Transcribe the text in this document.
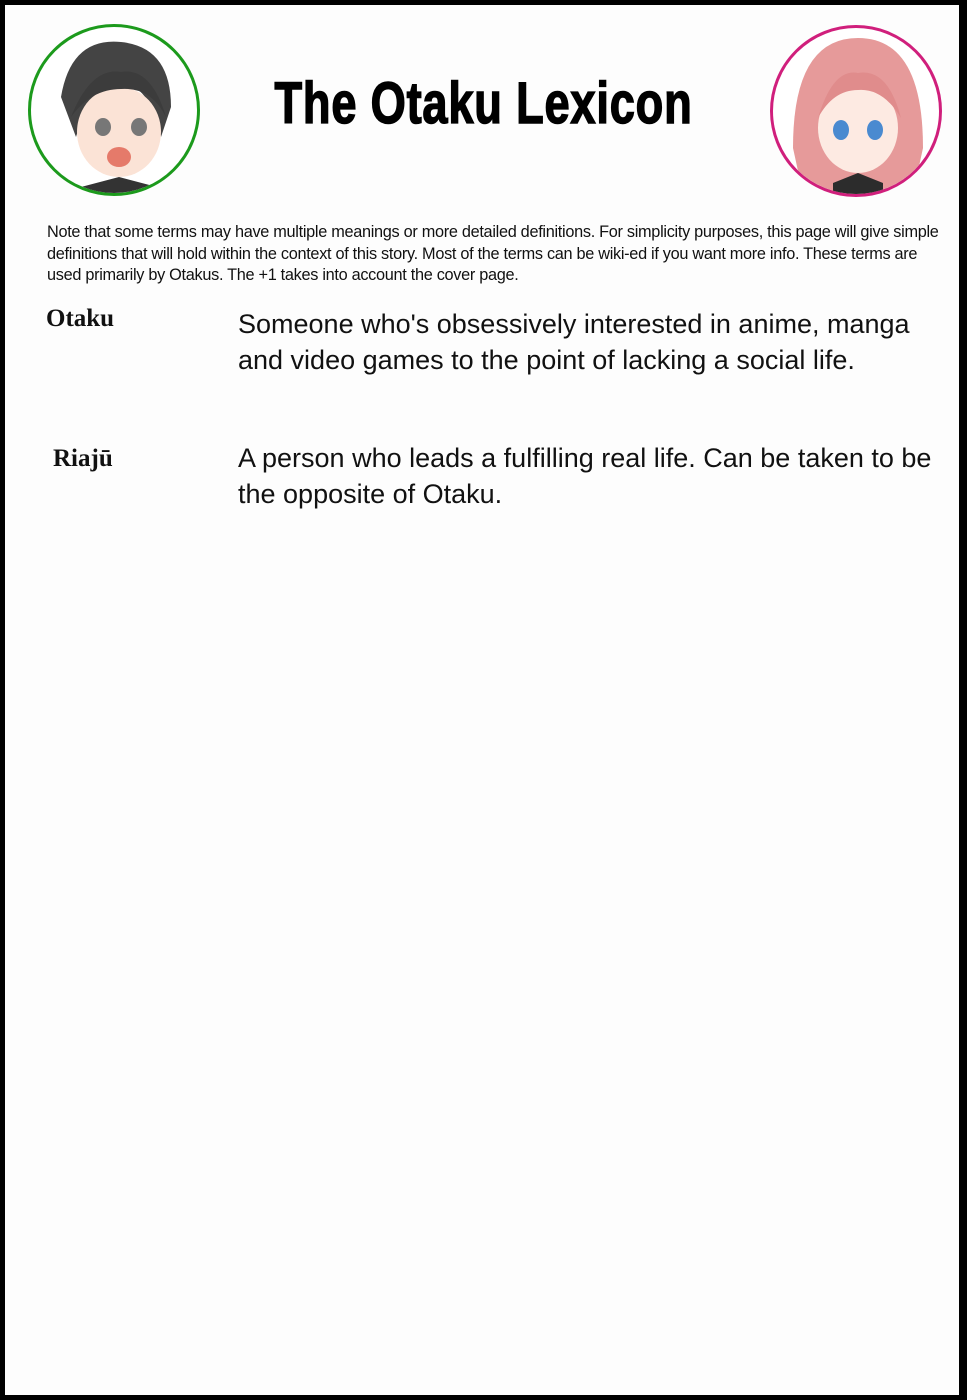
The Otaku Lexicon
Note that some terms may have multiple meanings or more detailed definitions. For simplicity purposes, this page will give simple definitions that will hold within the context of this story. Most of the terms can be wiki-ed if you want more info. These terms are used primarily by Otakus. The +1 takes into account the cover page.
Otaku	Someone who's obsessively interested in anime, manga and video games to the point of lacking a social life.
Riajū	A person who leads a fulfilling real life. Can be taken to be the opposite of Otaku.
